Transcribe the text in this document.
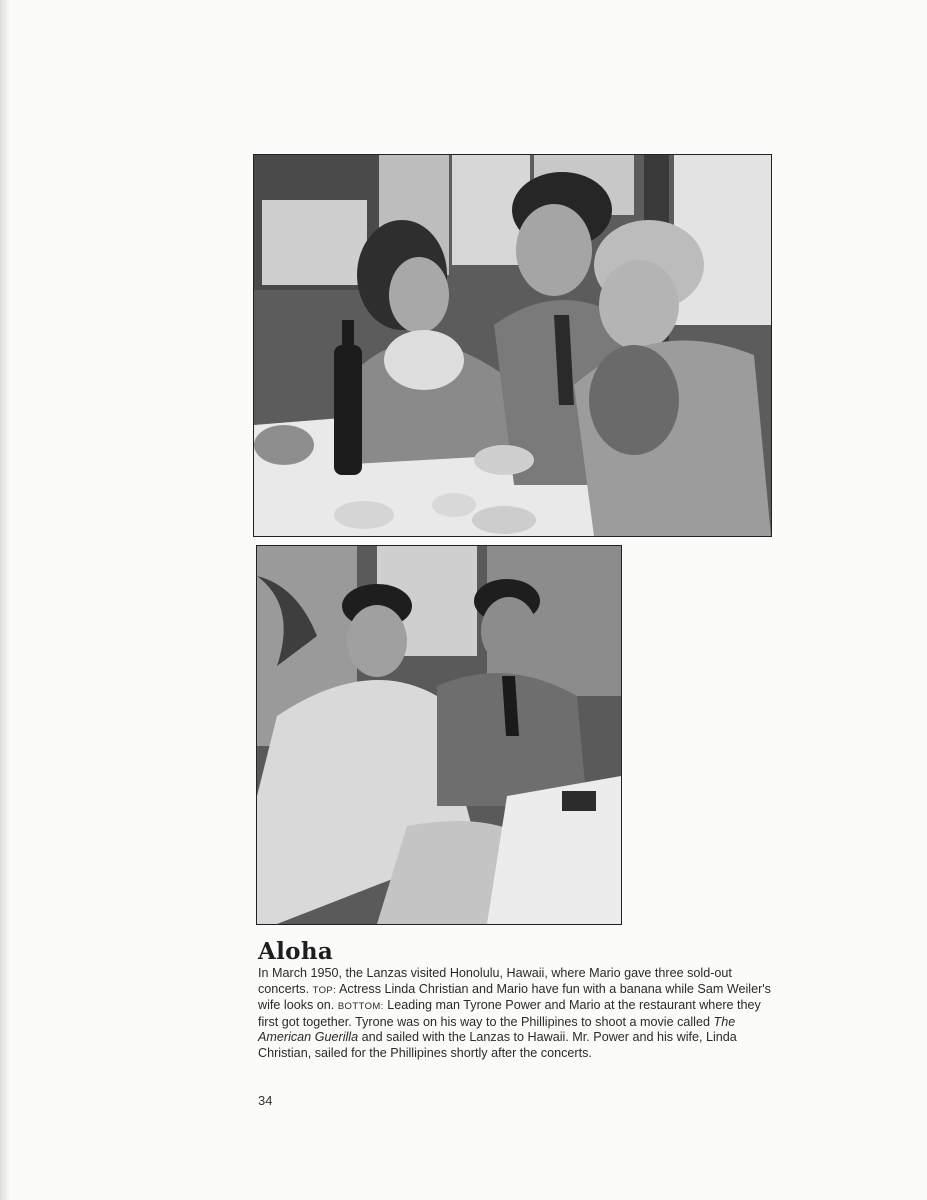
Aloha
In March 1950, the Lanzas visited Honolulu, Hawaii, where Mario gave three sold-out concerts. TOP: Actress Linda Christian and Mario have fun with a banana while Sam Weiler's wife looks on. BOTTOM: Leading man Tyrone Power and Mario at the restaurant where they first got together. Tyrone was on his way to the Phillipines to shoot a movie called The American Guerilla and sailed with the Lanzas to Hawaii. Mr. Power and his wife, Linda Christian, sailed for the Phillipines shortly after the concerts.
34
